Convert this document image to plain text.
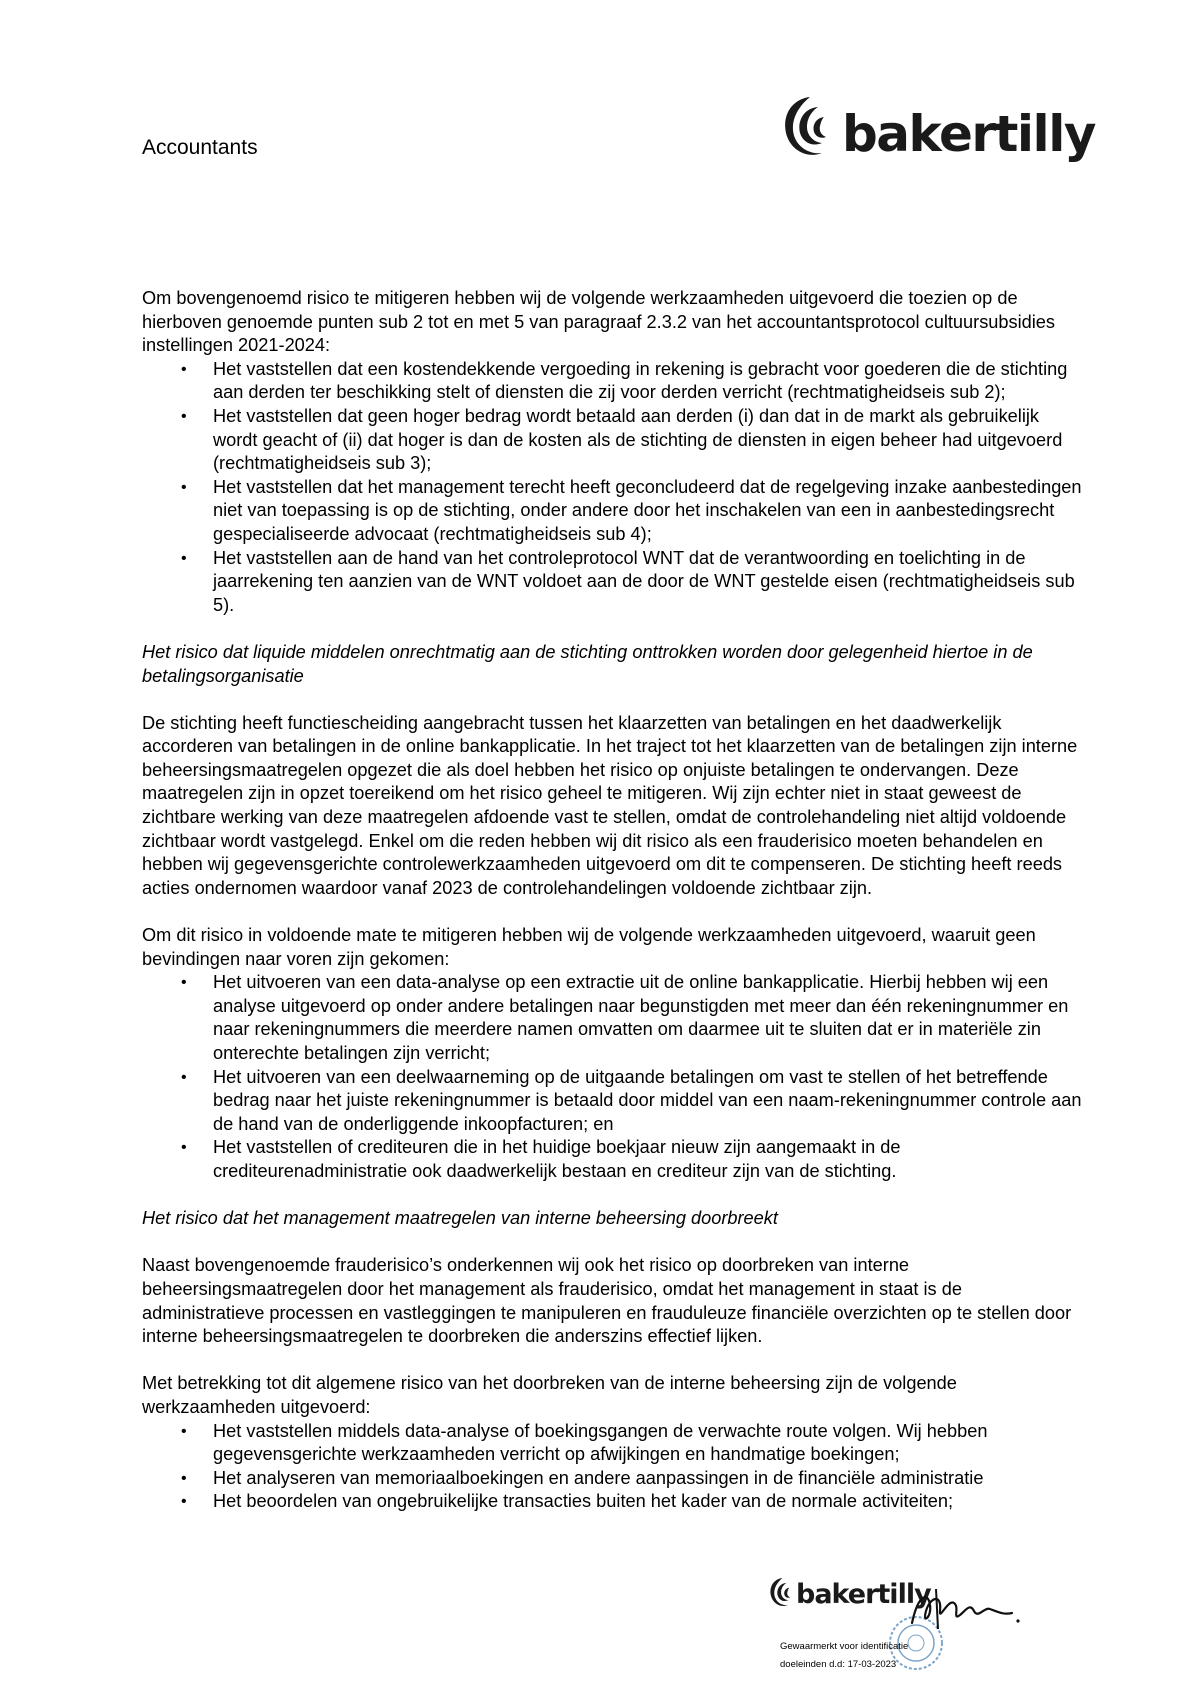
Accountants	bakertilly

Om bovengenoemd risico te mitigeren hebben wij de volgende werkzaamheden uitgevoerd die toezien op de hierboven genoemde punten sub 2 tot en met 5 van paragraaf 2.3.2 van het accountantsprotocol cultuursubsidies instellingen 2021-2024:

• Het vaststellen dat een kostendekkende vergoeding in rekening is gebracht voor goederen die de stichting aan derden ter beschikking stelt of diensten die zij voor derden verricht (rechtmatigheidseis sub 2);
• Het vaststellen dat geen hoger bedrag wordt betaald aan derden (i) dan dat in de markt als gebruikelijk wordt geacht of (ii) dat hoger is dan de kosten als de stichting de diensten in eigen beheer had uitgevoerd (rechtmatigheidseis sub 3);
• Het vaststellen dat het management terecht heeft geconcludeerd dat de regelgeving inzake aanbestedingen niet van toepassing is op de stichting, onder andere door het inschakelen van een in aanbestedingsrecht gespecialiseerde advocaat (rechtmatigheidseis sub 4);
• Het vaststellen aan de hand van het controleprotocol WNT dat de verantwoording en toelichting in de jaarrekening ten aanzien van de WNT voldoet aan de door de WNT gestelde eisen (rechtmatigheidseis sub 5).

Het risico dat liquide middelen onrechtmatig aan de stichting onttrokken worden door gelegenheid hiertoe in de betalingsorganisatie

De stichting heeft functiescheiding aangebracht tussen het klaarzetten van betalingen en het daadwerkelijk accorderen van betalingen in de online bankapplicatie. In het traject tot het klaarzetten van de betalingen zijn interne beheersingsmaatregelen opgezet die als doel hebben het risico op onjuiste betalingen te ondervangen. Deze maatregelen zijn in opzet toereikend om het risico geheel te mitigeren. Wij zijn echter niet in staat geweest de zichtbare werking van deze maatregelen afdoende vast te stellen, omdat de controlehandeling niet altijd voldoende zichtbaar wordt vastgelegd. Enkel om die reden hebben wij dit risico als een frauderisico moeten behandelen en hebben wij gegevensgerichte controlewerkzaamheden uitgevoerd om dit te compenseren. De stichting heeft reeds acties ondernomen waardoor vanaf 2023 de controlehandelingen voldoende zichtbaar zijn.

Om dit risico in voldoende mate te mitigeren hebben wij de volgende werkzaamheden uitgevoerd, waaruit geen bevindingen naar voren zijn gekomen:

• Het uitvoeren van een data-analyse op een extractie uit de online bankapplicatie. Hierbij hebben wij een analyse uitgevoerd op onder andere betalingen naar begunstigden met meer dan één rekeningnummer en naar rekeningnummers die meerdere namen omvatten om daarmee uit te sluiten dat er in materiële zin onterechte betalingen zijn verricht;
• Het uitvoeren van een deelwaarneming op de uitgaande betalingen om vast te stellen of het betreffende bedrag naar het juiste rekeningnummer is betaald door middel van een naam-rekeningnummer controle aan de hand van de onderliggende inkoopfacturen; en
• Het vaststellen of crediteuren die in het huidige boekjaar nieuw zijn aangemaakt in de crediteurenadministratie ook daadwerkelijk bestaan en crediteur zijn van de stichting.

Het risico dat het management maatregelen van interne beheersing doorbreekt

Naast bovengenoemde frauderisico’s onderkennen wij ook het risico op doorbreken van interne beheersingsmaatregelen door het management als frauderisico, omdat het management in staat is de administratieve processen en vastleggingen te manipuleren en frauduleuze financiële overzichten op te stellen door interne beheersingsmaatregelen te doorbreken die anderszins effectief lijken.

Met betrekking tot dit algemene risico van het doorbreken van de interne beheersing zijn de volgende werkzaamheden uitgevoerd:

• Het vaststellen middels data-analyse of boekingsgangen de verwachte route volgen. Wij hebben gegevensgerichte werkzaamheden verricht op afwijkingen en handmatige boekingen;
• Het analyseren van memoriaalboekingen en andere aanpassingen in de financiële administratie
• Het beoordelen van ongebruikelijke transacties buiten het kader van de normale activiteiten;
bakertilly
Gewaarmerkt voor identificatie
doeleinden d.d: 17-03-2023
